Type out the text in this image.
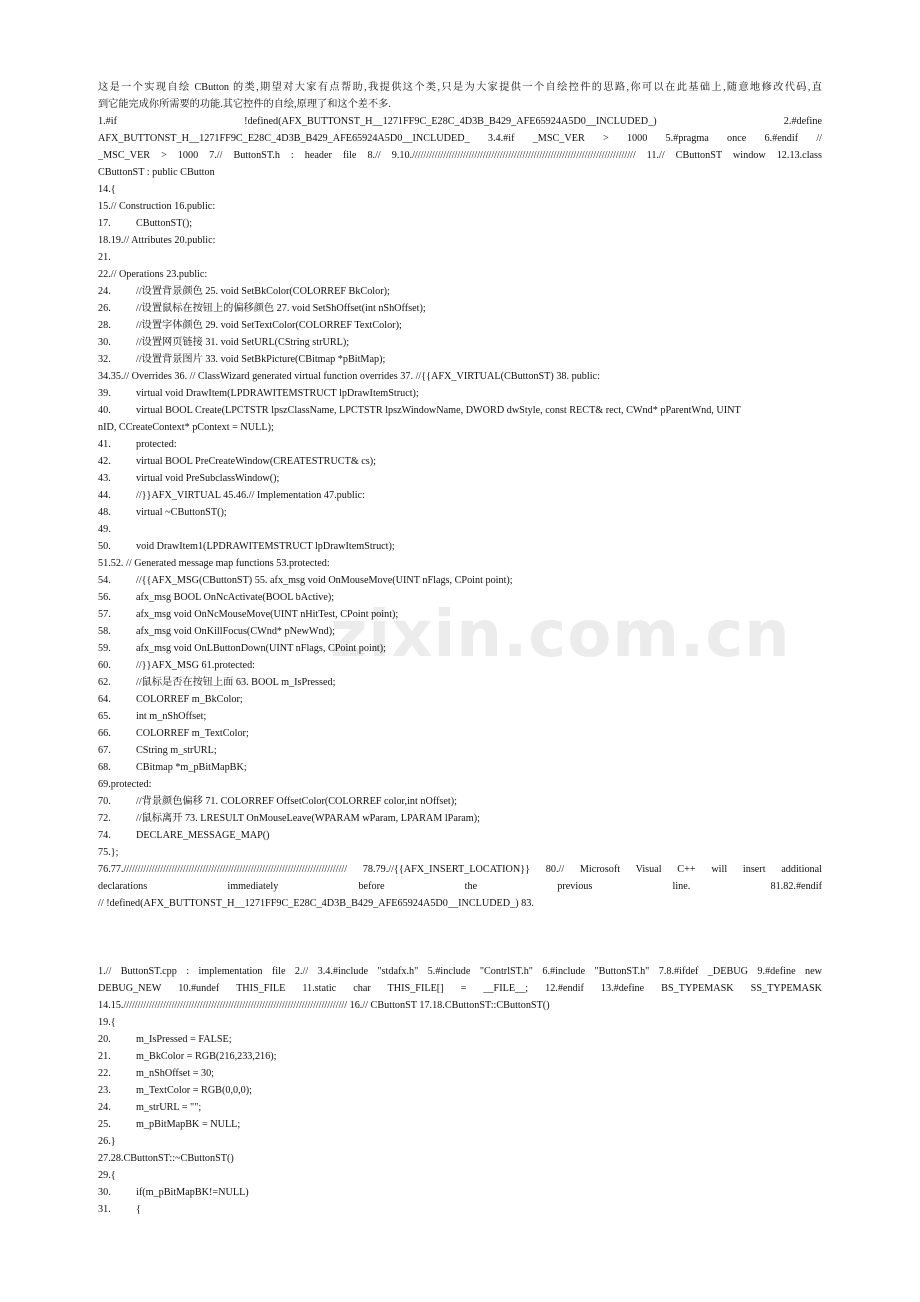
zixin.com.cn
这是一个实现自绘 CButton 的类,期望对大家有点帮助,我提供这个类,只是为大家提供一个自绘控件的思路,你可以在此基础上,随意地修改代码,直
到它能完成你所需要的功能.其它控件的自绘,原理了和这个差不多.
1.#if !defined(AFX_BUTTONST_H__1271FF9C_E28C_4D3B_B429_AFE65924A5D0__INCLUDED_) 2.#define
AFX_BUTTONST_H__1271FF9C_E28C_4D3B_B429_AFE65924A5D0__INCLUDED_ 3.4.#if _MSC_VER > 1000 5.#pragma once 6.#endif //
_MSC_VER > 1000 7.// ButtonST.h : header file 8.// 9.10./////////////////////////////////////////////////////////////////////////////// 11.// CButtonST window 12.13.class
CButtonST : public CButton
14.{
15.// Construction 16.public:
17. CButtonST();
18.19.// Attributes 20.public:
21.
22.// Operations 23.public:
24. //设置背景颜色 25. void SetBkColor(COLORREF BkColor);
26. //设置鼠标在按钮上的偏移颜色 27. void SetShOffset(int nShOffset);
28. //设置字体颜色 29. void SetTextColor(COLORREF TextColor);
30. //设置网页链接 31. void SetURL(CString strURL);
32. //设置背景图片 33. void SetBkPicture(CBitmap *pBitMap);
34.35.// Overrides 36. // ClassWizard generated virtual function overrides 37. //{{AFX_VIRTUAL(CButtonST) 38. public:
39. virtual void DrawItem(LPDRAWITEMSTRUCT lpDrawItemStruct);
40. virtual BOOL Create(LPCTSTR lpszClassName, LPCTSTR lpszWindowName, DWORD dwStyle, const RECT& rect, CWnd* pParentWnd, UINT
nID, CCreateContext* pContext = NULL);
41. protected:
42. virtual BOOL PreCreateWindow(CREATESTRUCT& cs);
43. virtual void PreSubclassWindow();
44. //}}AFX_VIRTUAL 45.46.// Implementation 47.public:
48. virtual ~CButtonST();
49.
50. void DrawItem1(LPDRAWITEMSTRUCT lpDrawItemStruct);
51.52. // Generated message map functions 53.protected:
54. //{{AFX_MSG(CButtonST) 55. afx_msg void OnMouseMove(UINT nFlags, CPoint point);
56. afx_msg BOOL OnNcActivate(BOOL bActive);
57. afx_msg void OnNcMouseMove(UINT nHitTest, CPoint point);
58. afx_msg void OnKillFocus(CWnd* pNewWnd);
59. afx_msg void OnLButtonDown(UINT nFlags, CPoint point);
60. //}}AFX_MSG 61.protected:
62. //鼠标是否在按钮上面 63. BOOL m_IsPressed;
64. COLORREF m_BkColor;
65. int m_nShOffset;
66. COLORREF m_TextColor;
67. CString m_strURL;
68. CBitmap *m_pBitMapBK;
69.protected:
70. //背景颜色偏移 71. COLORREF OffsetColor(COLORREF color,int nOffset);
72. //鼠标离开 73. LRESULT OnMouseLeave(WPARAM wParam, LPARAM lParam);
74. DECLARE_MESSAGE_MAP()
75.};
76.77./////////////////////////////////////////////////////////////////////////////// 78.79.//{{AFX_INSERT_LOCATION}} 80.// Microsoft Visual C++ will insert additional
declarations immediately before the previous line. 81.82.#endif
// !defined(AFX_BUTTONST_H__1271FF9C_E28C_4D3B_B429_AFE65924A5D0__INCLUDED_) 83.
1.// ButtonST.cpp : implementation file 2.// 3.4.#include "stdafx.h" 5.#include "ContrlST.h" 6.#include "ButtonST.h" 7.8.#ifdef _DEBUG 9.#define new
DEBUG_NEW 10.#undef THIS_FILE 11.static char THIS_FILE[] = __FILE__; 12.#endif 13.#define BS_TYPEMASK SS_TYPEMASK
14.15./////////////////////////////////////////////////////////////////////////////// 16.// CButtonST 17.18.CButtonST::CButtonST()
19.{
20. m_IsPressed = FALSE;
21. m_BkColor = RGB(216,233,216);
22. m_nShOffset = 30;
23. m_TextColor = RGB(0,0,0);
24. m_strURL = "";
25. m_pBitMapBK = NULL;
26.}
27.28.CButtonST::~CButtonST()
29.{
30. if(m_pBitMapBK!=NULL)
31. {
